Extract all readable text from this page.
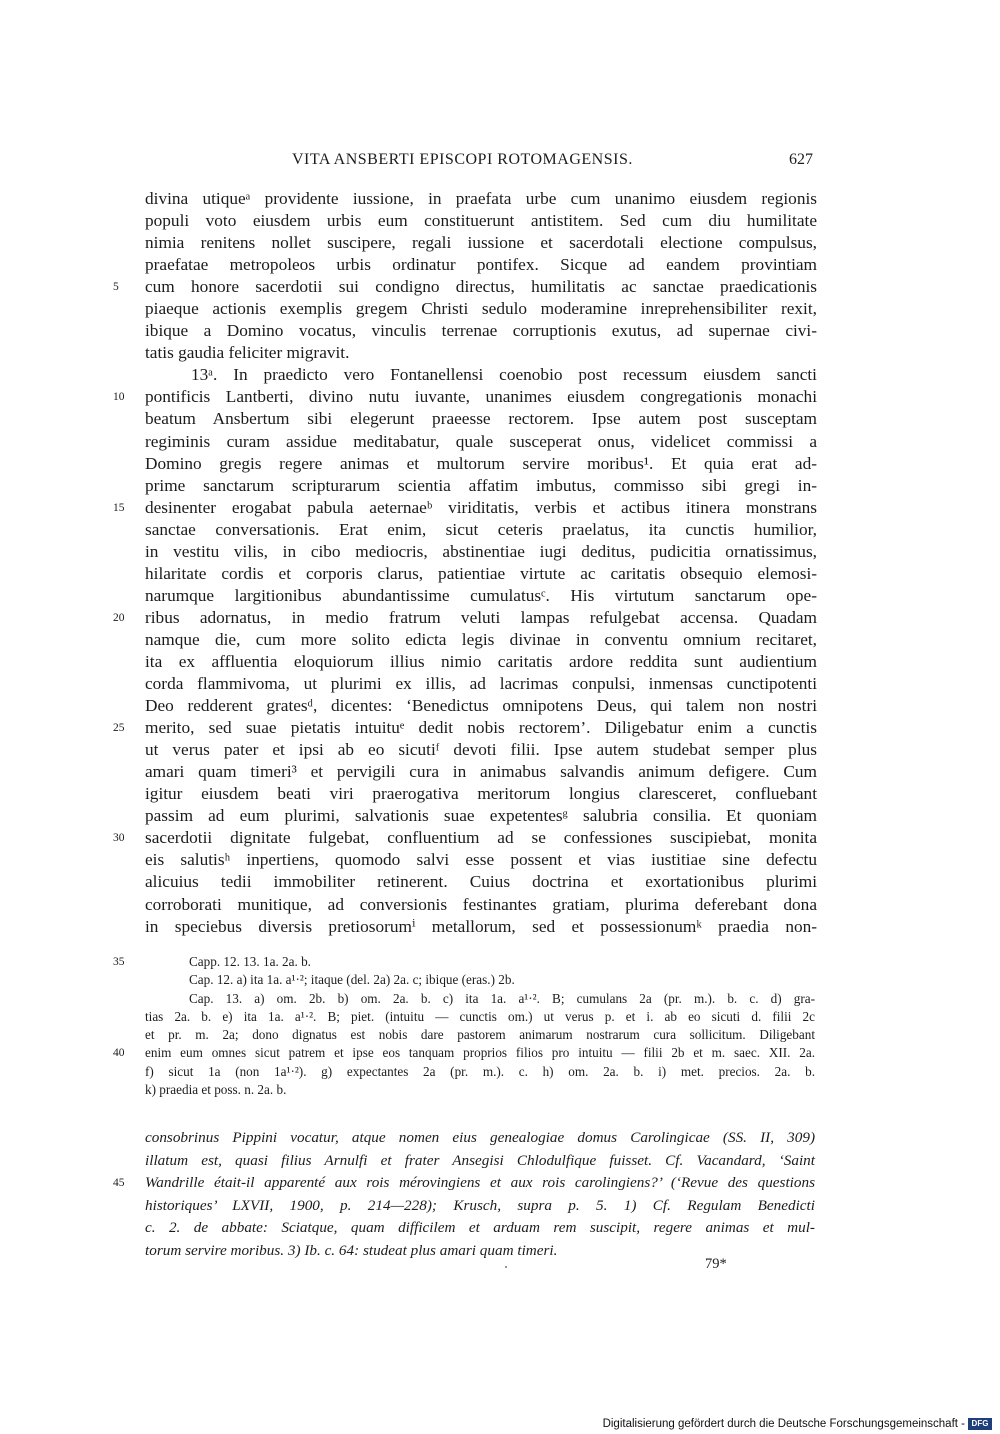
VITA ANSBERTI EPISCOPI ROTOMAGENSIS.	627
divina utiqueᵃ providente iussione, in praefata urbe cum unanimo eiusdem regionis
populi voto eiusdem urbis eum constituerunt antistitem. Sed cum diu humilitate
nimia renitens nollet suscipere, regali iussione et sacerdotali electione compulsus,
praefatae metropoleos urbis ordinatur pontifex. Sicque ad eandem provintiam
cum honore sacerdotii sui condigno directus, humilitatis ac sanctae praedicationis
5
piaeque actionis exemplis gregem Christi sedulo moderamine inreprehensibiliter rexit,
ibique a Domino vocatus, vinculis terrenae corruptionis exutus, ad supernae civi-
tatis gaudia feliciter migravit.
13ᵃ. In praedicto vero Fontanellensi coenobio post recessum eiusdem sancti
pontificis Lantberti, divino nutu iuvante, unanimes eiusdem congregationis monachi
10
beatum Ansbertum sibi elegerunt praeesse rectorem. Ipse autem post susceptam
regiminis curam assidue meditabatur, quale susceperat onus, videlicet commissi a
Domino gregis regere animas et multorum servire moribus¹. Et quia erat ad-
prime sanctarum scripturarum scientia affatim imbutus, commisso sibi gregi in-
desinenter erogabat pabula aeternaeᵇ viriditatis, verbis et actibus itinera monstrans
15
sanctae conversationis. Erat enim, sicut ceteris praelatus, ita cunctis humilior,
in vestitu vilis, in cibo mediocris, abstinentiae iugi deditus, pudicitia ornatissimus,
hilaritate cordis et corporis clarus, patientiae virtute ac caritatis obsequio elemosi-
narumque largitionibus abundantissime cumulatusᶜ. His virtutum sanctarum ope-
ribus adornatus, in medio fratrum veluti lampas refulgebat accensa. Quadam
20
namque die, cum more solito edicta legis divinae in conventu omnium recitaret,
ita ex affluentia eloquiorum illius nimio caritatis ardore reddita sunt audientium
corda flammivoma, ut plurimi ex illis, ad lacrimas conpulsi, inmensas cunctipotenti
Deo redderent gratesᵈ, dicentes: ‘Benedictus omnipotens Deus, qui talem non nostri
merito, sed suae pietatis intuituᵉ dedit nobis rectorem’. Diligebatur enim a cunctis
25
ut verus pater et ipsi ab eo sicutiᶠ devoti filii. Ipse autem studebat semper plus
amari quam timeri³ et pervigili cura in animabus salvandis animum defigere. Cum
igitur eiusdem beati viri praerogativa meritorum longius claresceret, confluebant
passim ad eum plurimi, salvationis suae expetentesᵍ salubria consilia. Et quoniam
sacerdotii dignitate fulgebat, confluentium ad se confessiones suscipiebat, monita
30
eis salutisʰ inpertiens, quomodo salvi esse possent et vias iustitiae sine defectu
alicuius tedii immobiliter retinerent. Cuius doctrina et exortationibus plurimi
corroborati munitique, ad conversionis festinantes gratiam, plurima deferebant dona
in speciebus diversis pretiosorumⁱ metallorum, sed et possessionumᵏ praedia non-
Capp. 12. 13. 1a. 2a. b.
35
Cap. 12. a) ita 1a. a¹·²; itaque (del. 2a) 2a. c; ibique (eras.) 2b.
Cap. 13. a) om. 2b. b) om. 2a. b. c) ita 1a. a¹·². B; cumulans 2a (pr. m.). b. c. d) gra-
tias 2a. b. e) ita 1a. a¹·². B; piet. (intuitu — cunctis om.) ut verus p. et i. ab eo sicuti d. filii 2c
et pr. m. 2a; dono dignatus est nobis dare pastorem animarum nostrarum cura sollicitum. Diligebant
enim eum omnes sicut patrem et ipse eos tanquam proprios filios pro intuitu — filii 2b et m. saec. XII. 2a.
40
f) sicut 1a (non 1a¹·²). g) expectantes 2a (pr. m.). c. h) om. 2a. b. i) met. precios. 2a. b.
k) praedia et poss. n. 2a. b.
consobrinus Pippini vocatur, atque nomen eius genealogiae domus Carolingicae (SS. II, 309)
illatum est, quasi filius Arnulfi et frater Ansegisi Chlodulfique fuisset. Cf. Vacandard, ‘Saint
Wandrille était-il apparenté aux rois mérovingiens et aux rois carolingiens?’ (‘Revue des questions
45
historiques’ LXVII, 1900, p. 214—228); Krusch, supra p. 5. 1) Cf. Regulam Benedicti
c. 2. de abbate: Sciatque, quam difficilem et arduam rem suscipit, regere animas et mul-
torum servire moribus. 3) Ib. c. 64: studeat plus amari quam timeri.
79*
Digitalisierung gefördert durch die Deutsche Forschungsgemeinschaft - DFG
